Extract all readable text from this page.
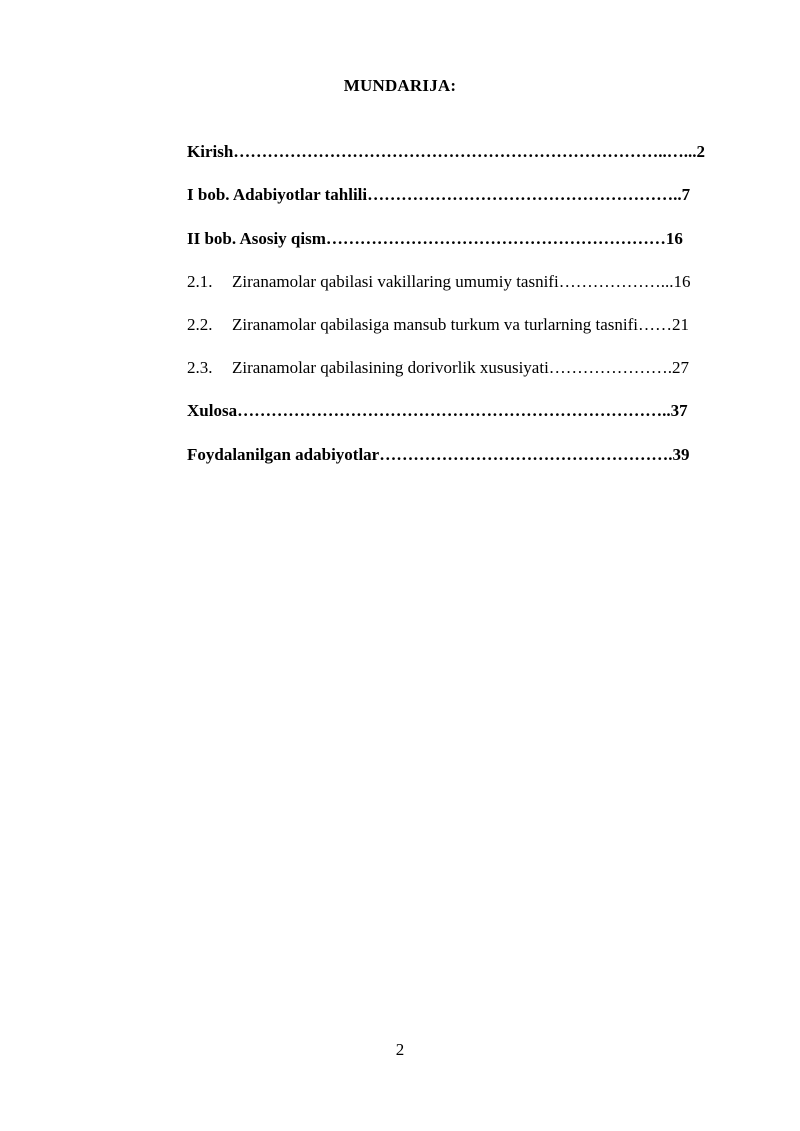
MUNDARIJA:
Kirish…………………………………………………………………..…...2
I bob. Adabiyotlar tahlili………………………………………………..7
II bob. Asosiy qism……………………………………………………16
2.1. Ziranamolar qabilasi vakillaring umumiy tasnifi………………...16
2.2. Ziranamolar qabilasiga mansub turkum va turlarning tasnifi……21
2.3. Ziranamolar qabilasining dorivorlik xususiyati………………….27
Xulosa…………………………………………………………………..37
Foydalanilgan adabiyotlar…………………………………………….39
2
